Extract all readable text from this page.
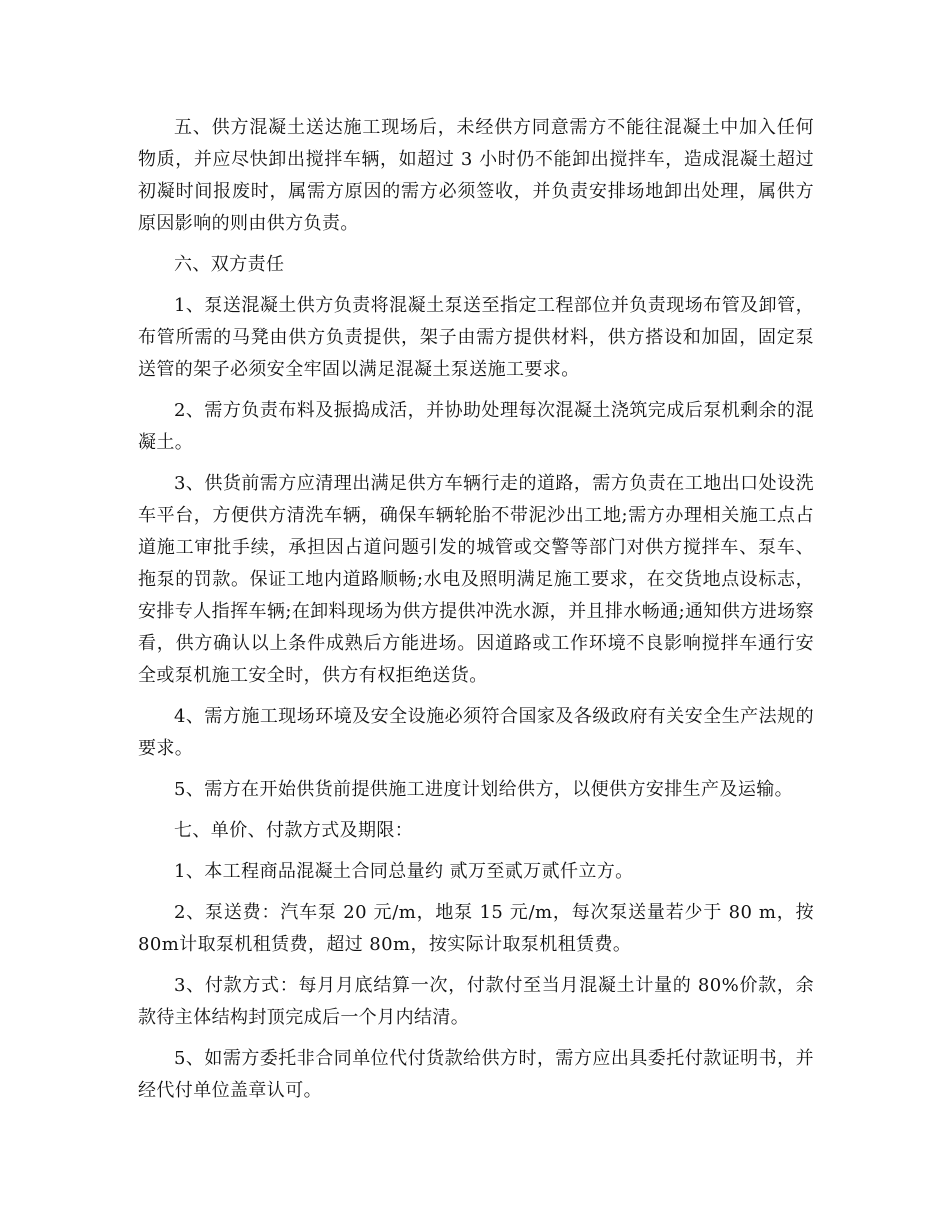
五、供方混凝土送达施工现场后，未经供方同意需方不能往混凝土中加入任何物质，并应尽快卸出搅拌车辆，如超过 3 小时仍不能卸出搅拌车，造成混凝土超过初凝时间报废时，属需方原因的需方必须签收，并负责安排场地卸出处理，属供方原因影响的则由供方负责。

六、双方责任

1、泵送混凝土供方负责将混凝土泵送至指定工程部位并负责现场布管及卸管，布管所需的马凳由供方负责提供，架子由需方提供材料，供方搭设和加固，固定泵送管的架子必须安全牢固以满足混凝土泵送施工要求。

2、需方负责布料及振捣成活，并协助处理每次混凝土浇筑完成后泵机剩余的混凝土。

3、供货前需方应清理出满足供方车辆行走的道路，需方负责在工地出口处设洗车平台，方便供方清洗车辆，确保车辆轮胎不带泥沙出工地;需方办理相关施工点占道施工审批手续，承担因占道问题引发的城管或交警等部门对供方搅拌车、泵车、拖泵的罚款。保证工地内道路顺畅;水电及照明满足施工要求，在交货地点设标志，安排专人指挥车辆;在卸料现场为供方提供冲洗水源，并且排水畅通;通知供方进场察看，供方确认以上条件成熟后方能进场。因道路或工作环境不良影响搅拌车通行安全或泵机施工安全时，供方有权拒绝送货。

4、需方施工现场环境及安全设施必须符合国家及各级政府有关安全生产法规的要求。

5、需方在开始供货前提供施工进度计划给供方，以便供方安排生产及运输。

七、单价、付款方式及期限：

1、本工程商品混凝土合同总量约 贰万至贰万贰仟立方。

2、泵送费：汽车泵 20 元/m，地泵 15 元/m，每次泵送量若少于 80 m，按 80m计取泵机租赁费，超过 80m，按实际计取泵机租赁费。

3、付款方式：每月月底结算一次，付款付至当月混凝土计量的 80%价款，余款待主体结构封顶完成后一个月内结清。

5、如需方委托非合同单位代付货款给供方时，需方应出具委托付款证明书，并经代付单位盖章认可。
